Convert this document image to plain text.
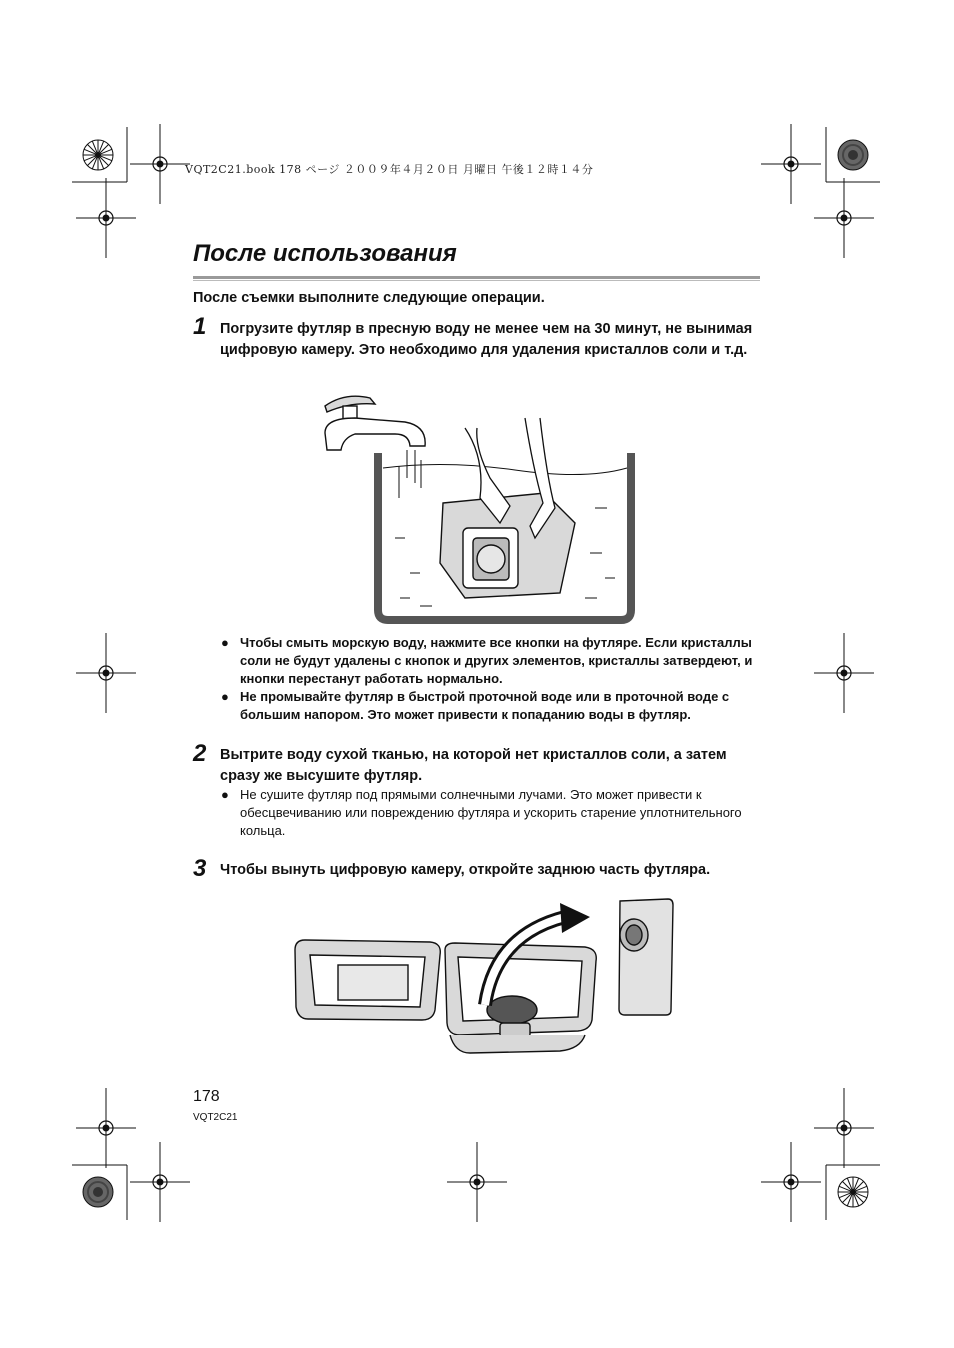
VQT2C21.book 178 ページ ２００９年４月２０日 月曜日 午後１２時１４分
После использования
После съемки выполните следующие операции.
1 Погрузите футляр в пресную воду не менее чем на 30 минут, не вынимая цифровую камеру. Это необходимо для удаления кристаллов соли и т.д.
● Чтобы смыть морскую воду, нажмите все кнопки на футляре. Если кристаллы соли не будут удалены с кнопок и других элементов, кристаллы затвердеют, и кнопки перестанут работать нормально.
● Не промывайте футляр в быстрой проточной воде или в проточной воде с большим напором. Это может привести к попаданию воды в футляр.
2 Вытрите воду сухой тканью, на которой нет кристаллов соли, а затем сразу же высушите футляр.
● Не сушите футляр под прямыми солнечными лучами. Это может привести к обесцвечиванию или повреждению футляра и ускорить старение уплотнительного кольца.
3 Чтобы вынуть цифровую камеру, откройте заднюю часть футляра.
178
VQT2C21
